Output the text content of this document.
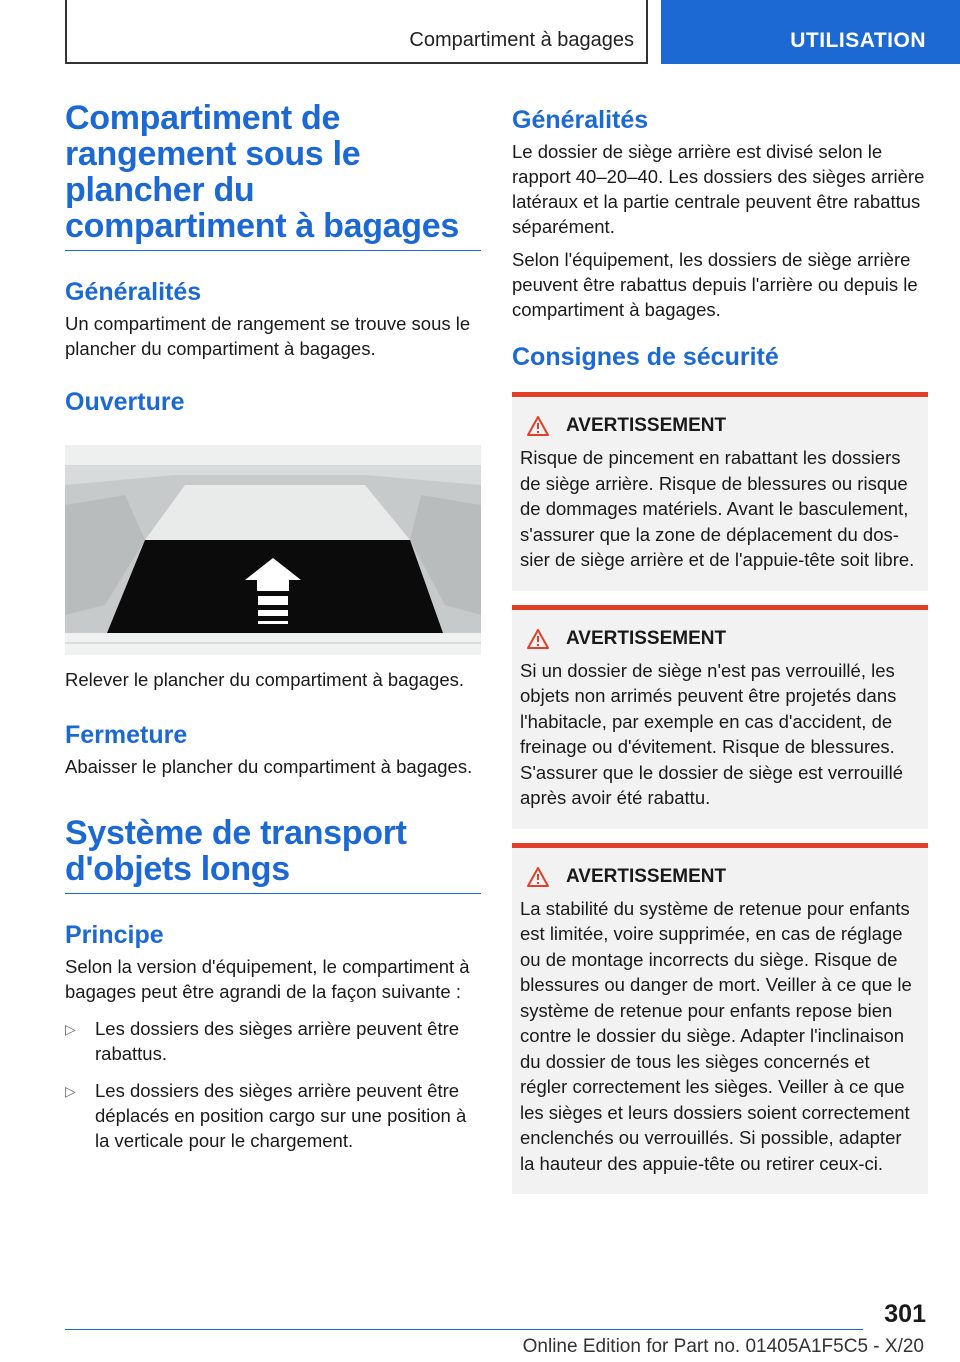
Compartiment à bagages	UTILISATION
Compartiment de rangement sous le plancher du compartiment à bagages
Généralités

Un compartiment de rangement se trouve sous le plancher du compartiment à bagages.

Ouverture

Relever le plancher du compartiment à bagages.

Fermeture

Abaisser le plancher du compartiment à bagages.

Système de transport d'objets longs
Principe

Selon la version d'équipement, le compartiment à bagages peut être agrandi de la façon suivante :

▷	Les dossiers des sièges arrière peuvent être rabattus.
▷	Les dossiers des sièges arrière peuvent être déplacés en position cargo sur une position à la verticale pour le chargement.
Généralités

Le dossier de siège arrière est divisé selon le rapport 40–20–40. Les dossiers des sièges arrière latéraux et la partie centrale peuvent être rabattus séparément.

Selon l'équipement, les dossiers de siège arrière peuvent être rabattus depuis l'arrière ou depuis le compartiment à bagages.

Consignes de sécurité
AVERTISSEMENT

Risque de pincement en rabattant les dossiers de siège arrière. Risque de blessures ou risque de dommages matériels. Avant le basculement, s'assurer que la zone de déplacement du dossier de siège arrière et de l'appuie-tête soit libre.

AVERTISSEMENT

Si un dossier de siège n'est pas verrouillé, les objets non arrimés peuvent être projetés dans l'habitacle, par exemple en cas d'accident, de freinage ou d'évitement. Risque de blessures. S'assurer que le dossier de siège est verrouillé après avoir été rabattu.

AVERTISSEMENT

La stabilité du système de retenue pour enfants est limitée, voire supprimée, en cas de réglage ou de montage incorrects du siège. Risque de blessures ou danger de mort. Veiller à ce que le système de retenue pour enfants repose bien contre le dossier du siège. Adapter l'inclinaison du dossier de tous les sièges concernés et régler correctement les sièges. Veiller à ce que les sièges et leurs dossiers soient correctement enclenchés ou verrouillés. Si possible, adapter la hauteur des appuie-tête ou retirer ceux-ci.

301
Online Edition for Part no. 01405A1F5C5 - X/20
